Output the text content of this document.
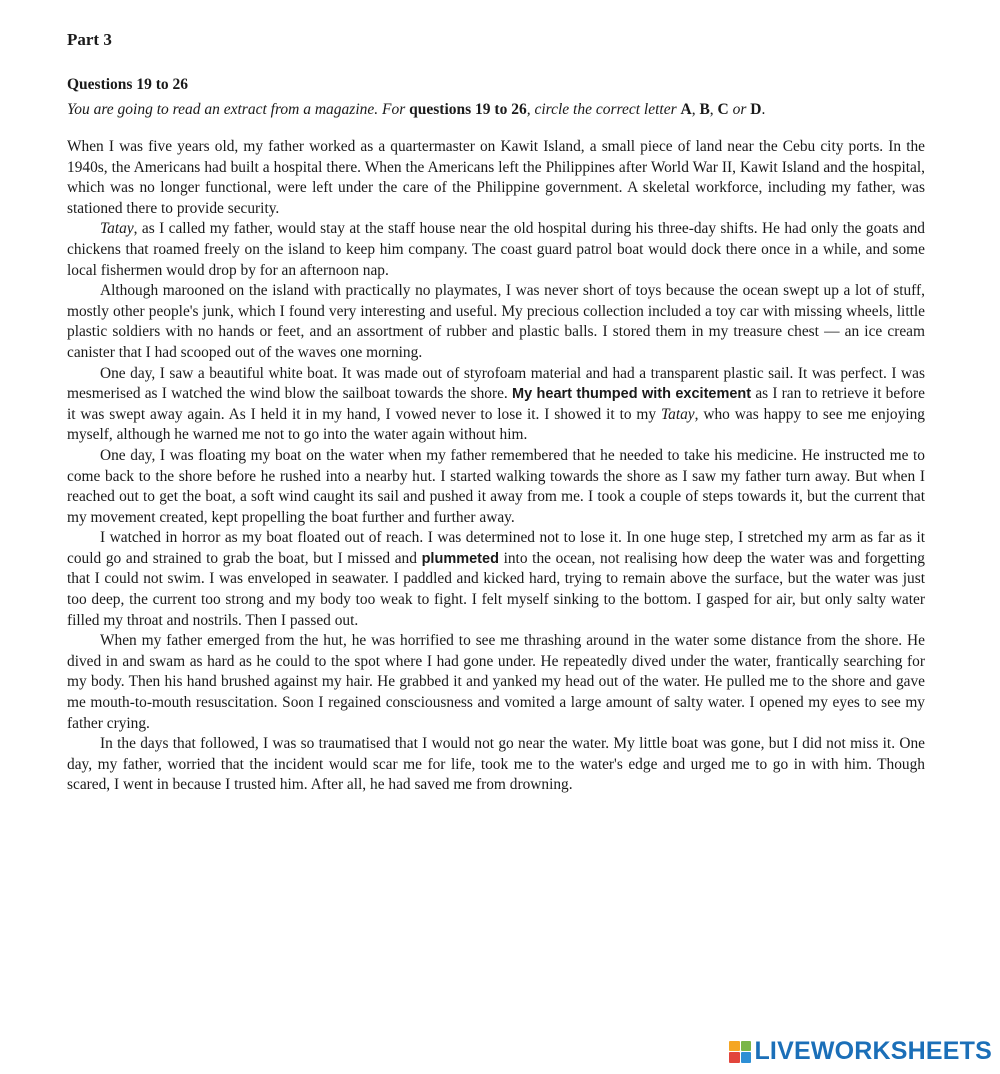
Part 3
Questions 19 to 26
You are going to read an extract from a magazine. For questions 19 to 26, circle the correct letter A, B, C or D.

When I was five years old, my father worked as a quartermaster on Kawit Island, a small piece of land near the Cebu city ports. In the 1940s, the Americans had built a hospital there. When the Americans left the Philippines after World War II, Kawit Island and the hospital, which was no longer functional, were left under the care of the Philippine government. A skeletal workforce, including my father, was stationed there to provide security.

Tatay, as I called my father, would stay at the staff house near the old hospital during his three-day shifts. He had only the goats and chickens that roamed freely on the island to keep him company. The coast guard patrol boat would dock there once in a while, and some local fishermen would drop by for an afternoon nap.

Although marooned on the island with practically no playmates, I was never short of toys because the ocean swept up a lot of stuff, mostly other people's junk, which I found very interesting and useful. My precious collection included a toy car with missing wheels, little plastic soldiers with no hands or feet, and an assortment of rubber and plastic balls. I stored them in my treasure chest — an ice cream canister that I had scooped out of the waves one morning.

One day, I saw a beautiful white boat. It was made out of styrofoam material and had a transparent plastic sail. It was perfect. I was mesmerised as I watched the wind blow the sailboat towards the shore. My heart thumped with excitement as I ran to retrieve it before it was swept away again. As I held it in my hand, I vowed never to lose it. I showed it to my Tatay, who was happy to see me enjoying myself, although he warned me not to go into the water again without him.

One day, I was floating my boat on the water when my father remembered that he needed to take his medicine. He instructed me to come back to the shore before he rushed into a nearby hut. I started walking towards the shore as I saw my father turn away. But when I reached out to get the boat, a soft wind caught its sail and pushed it away from me. I took a couple of steps towards it, but the current that my movement created, kept propelling the boat further and further away.

I watched in horror as my boat floated out of reach. I was determined not to lose it. In one huge step, I stretched my arm as far as it could go and strained to grab the boat, but I missed and plummeted into the ocean, not realising how deep the water was and forgetting that I could not swim. I was enveloped in seawater. I paddled and kicked hard, trying to remain above the surface, but the water was just too deep, the current too strong and my body too weak to fight. I felt myself sinking to the bottom. I gasped for air, but only salty water filled my throat and nostrils. Then I passed out.

When my father emerged from the hut, he was horrified to see me thrashing around in the water some distance from the shore. He dived in and swam as hard as he could to the spot where I had gone under. He repeatedly dived under the water, frantically searching for my body. Then his hand brushed against my hair. He grabbed it and yanked my head out of the water. He pulled me to the shore and gave me mouth-to-mouth resuscitation. Soon I regained consciousness and vomited a large amount of salty water. I opened my eyes to see my father crying.

In the days that followed, I was so traumatised that I would not go near the water. My little boat was gone, but I did not miss it. One day, my father, worried that the incident would scar me for life, took me to the water's edge and urged me to go in with him. Though scared, I went in because I trusted him. After all, he had saved me from drowning.

LIVEWORKSHEETS
